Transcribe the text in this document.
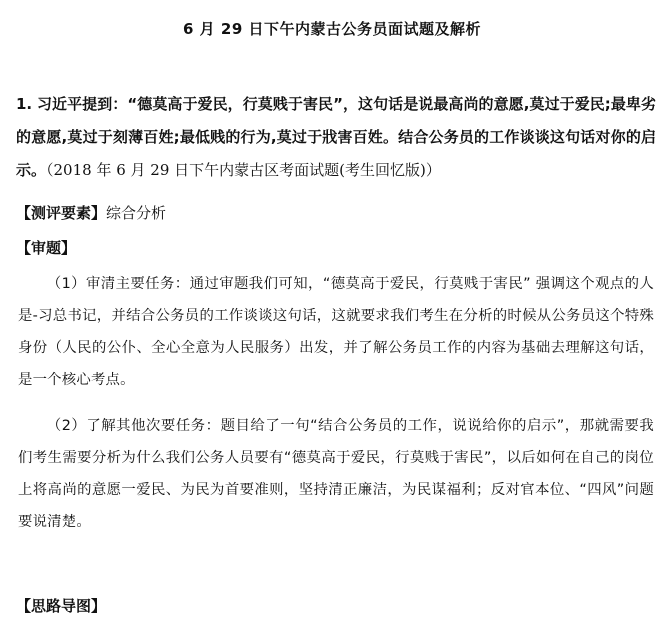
6 月 29 日下午内蒙古公务员面试题及解析
1. 习近平提到：“德莫高于爱民，行莫贱于害民”，这句话是说最高尚的意愿,莫过于爱民;最卑劣的意愿,莫过于刻薄百姓;最低贱的行为,莫过于戕害百姓。结合公务员的工作谈谈这句话对你的启示。（2018 年 6 月 29 日下午内蒙古区考面试题(考生回忆版)）
【测评要素】综合分析
【审题】
（1）审清主要任务：通过审题我们可知，“德莫高于爱民，行莫贱于害民” 强调这个观点的人是-习总书记，并结合公务员的工作谈谈这句话，这就要求我们考生在分析的时候从公务员这个特殊身份（人民的公仆、全心全意为人民服务）出发，并了解公务员工作的内容为基础去理解这句话，是一个核心考点。
（2）了解其他次要任务：题目给了一句“结合公务员的工作，说说给你的启示”，那就需要我们考生需要分析为什么我们公务人员要有“德莫高于爱民，行莫贱于害民”，以后如何在自己的岗位上将高尚的意愿一爱民、为民为首要准则，坚持清正廉洁，为民谋福利；反对官本位、“四风”问题要说清楚。
【思路导图】
